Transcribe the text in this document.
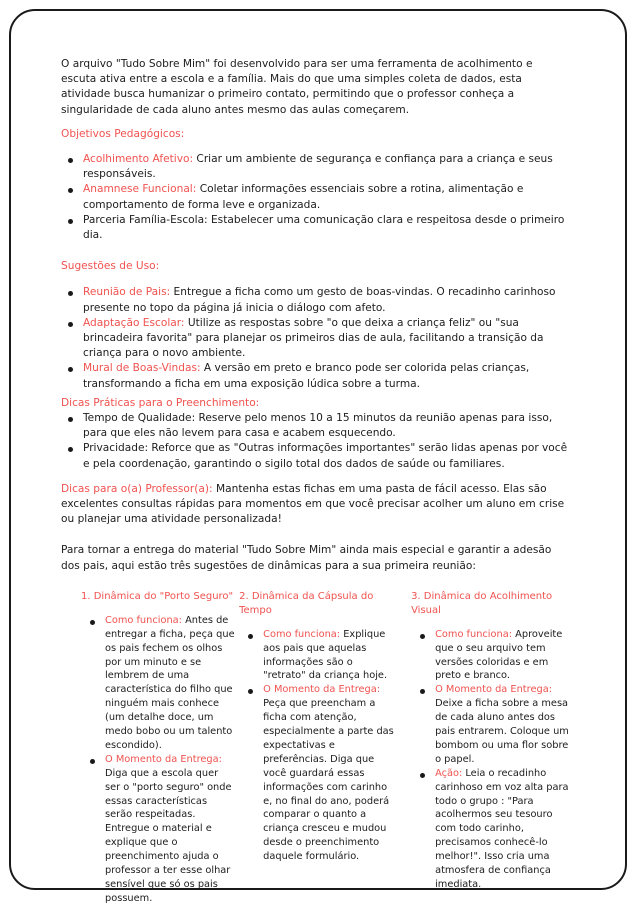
O arquivo "Tudo Sobre Mim" foi desenvolvido para ser uma ferramenta de acolhimento e escuta ativa entre a escola e a família. Mais do que uma simples coleta de dados, esta atividade busca humanizar o primeiro contato, permitindo que o professor conheça a singularidade de cada aluno antes mesmo das aulas começarem.

Objetivos Pedagógicos:

Acolhimento Afetivo: Criar um ambiente de segurança e confiança para a criança e seus responsáveis.
Anamnese Funcional: Coletar informações essenciais sobre a rotina, alimentação e comportamento de forma leve e organizada.
Parceria Família-Escola: Estabelecer uma comunicação clara e respeitosa desde o primeiro dia.

Sugestões de Uso:

Reunião de Pais: Entregue a ficha como um gesto de boas-vindas. O recadinho carinhoso presente no topo da página já inicia o diálogo com afeto.
Adaptação Escolar: Utilize as respostas sobre "o que deixa a criança feliz" ou "sua brincadeira favorita" para planejar os primeiros dias de aula, facilitando a transição da criança para o novo ambiente.
Mural de Boas-Vindas: A versão em preto e branco pode ser colorida pelas crianças, transformando a ficha em uma exposição lúdica sobre a turma.

Dicas Práticas para o Preenchimento:

Tempo de Qualidade: Reserve pelo menos 10 a 15 minutos da reunião apenas para isso, para que eles não levem para casa e acabem esquecendo.
Privacidade: Reforce que as "Outras informações importantes" serão lidas apenas por você e pela coordenação, garantindo o sigilo total dos dados de saúde ou familiares.

Dicas para o(a) Professor(a): Mantenha estas fichas em uma pasta de fácil acesso. Elas são excelentes consultas rápidas para momentos em que você precisar acolher um aluno em crise ou planejar uma atividade personalizada!

Para tornar a entrega do material "Tudo Sobre Mim" ainda mais especial e garantir a adesão dos pais, aqui estão três sugestões de dinâmicas para a sua primeira reunião:

1. Dinâmica do "Porto Seguro"
Como funciona: Antes de entregar a ficha, peça que os pais fechem os olhos por um minuto e se lembrem de uma característica do filho que ninguém mais conhece (um detalhe doce, um medo bobo ou um talento escondido).
O Momento da Entrega: Diga que a escola quer ser o "porto seguro" onde essas características serão respeitadas. Entregue o material e explique que o preenchimento ajuda o professor a ter esse olhar sensível que só os pais possuem.
2. Dinâmica da Cápsula do Tempo
Como funciona: Explique aos pais que aquelas informações são o "retrato" da criança hoje.
O Momento da Entrega: Peça que preencham a ficha com atenção, especialmente a parte das expectativas e preferências. Diga que você guardará essas informações com carinho e, no final do ano, poderá comparar o quanto a criança cresceu e mudou desde o preenchimento daquele formulário.
3. Dinâmica do Acolhimento Visual
Como funciona: Aproveite que o seu arquivo tem versões coloridas e em preto e branco.
O Momento da Entrega: Deixe a ficha sobre a mesa de cada aluno antes dos pais entrarem. Coloque um bombom ou uma flor sobre o papel.
Ação: Leia o recadinho carinhoso em voz alta para todo o grupo : "Para acolhermos seu tesouro com todo carinho, precisamos conhecê-lo melhor!". Isso cria uma atmosfera de confiança imediata.
